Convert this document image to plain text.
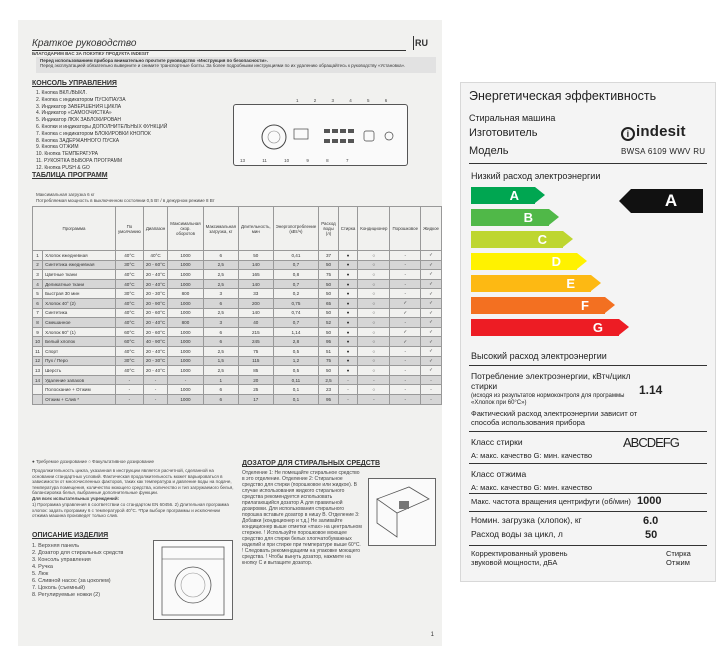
Краткое руководство	RU
БЛАГОДАРИМ ВАС ЗА ПОКУПКУ ПРОДУКТА INDESIT
Перед использованием прибора внимательно прочтите руководство «Инструкция по безопасности».
Перед эксплуатацией обязательно выверните и снимите транспортные болты. За более подробными инструкциями по их удалению обращайтесь к руководству «Установка».
КОНСОЛЬ УПРАВЛЕНИЯ
1. Кнопка ВКЛ./ВЫКЛ.
2. Кнопка с индикатором ПУСК/ПАУЗА
3. Индикатор ЗАВЕРШЕНИЯ ЦИКЛА
4. Индикатор «САМООЧИСТКА»
5. Индикатор ЛЮК ЗАБЛОКИРОВАН
6. Кнопки и индикаторы ДОПОЛНИТЕЛЬНЫХ ФУНКЦИЙ
7. Кнопка с индикатором БЛОКИРОВКИ КНОПОК
8. Кнопка ЗАДЕРЖАННОГО ПУСКА
9. Кнопка ОТЖИМ
10. Кнопка ТЕМПЕРАТУРА
11. РУКОЯТКА ВЫБОРА ПРОГРАММ
12. Кнопка PUSH & GO
1 2 3 4 5 6
13 11 10 9 8 7
ТАБЛИЦА ПРОГРАММ
Максимальная загрузка 6 кг
Потребляемая мощность в выключенном состоянии 0,5 Вт / в дежурном режиме 8 Вт
Программа		По умолчанию	Диапазон	Максимальная скор. оборотов	Максимальная загрузка, кг	Длительность, мин	Энергопотребление (кВт/ч)	Расход воды (л)	Стирка	Кондиционер	Порошковое	Жидкое
1	Хлопок ежедневная	40°С	40°С	1000	6	50	0,41	37	●	○	-	✓
2	Синтетика ежедневная	30°С	20 - 60°С	1000	2,5	140	0,7	50	●	○	-	✓
3	Цветные ткани	40°С	20 - 40°С	1000	2,5	165	0,8	75	●	○	-	✓
4	Деликатные ткани	40°С	20 - 40°С	1000	2,5	140	0,7	50	●	○	-	✓
5	Быстрая 30 мин	30°С	20 - 30°С	800	3	33	0,2	50	●	○	-	✓
6	Хлопок 40° (2)	40°С	20 - 90°С	1000	6	200	0,75	65	●	○	✓	✓
7	Синтетика	40°С	20 - 60°С	1000	2,5	140	0,74	50	●	○	✓	✓
8	Смешанное	40°С	20 - 40°С	800	3	40	0,7	52	●	○	-	✓
9	Хлопок 60° (1)	60°С	20 - 60°С	1000	6	215	1,14	50	●	○	✓	✓
10	Белый хлопок	60°С	40 - 90°С	1000	6	245	2,8	95	●	○	✓	✓
11	Спорт	40°С	20 - 40°С	1000	2,5	75	0,5	51	●	○	-	✓
12	Пух / Перо	30°С	20 - 30°С	1000	1,5	115	1,2	75	●	○	-	✓
13	Шерсть	40°С	20 - 40°С	1000	2,5	85	0,5	50	●	○	-	✓
14	Удаление запахов	-	-	-	1	20	0,11	2,5	-	-	-	-
	Полоскание + Отжим	-	-	1000	6	25	0,1	23	-	○	-	-
	Отжим + Слив *	-	-	1000	6	17	0,1	95	-	-	-	-
● Требуемое дозирование ○ Факультативное дозирование
Продолжительность цикла, указанная в инструкции является расчетной, сделанной на основании стандартных условий. Фактическая продолжительность может варьироваться в зависимости от многочисленных факторов, таких как температура и давление воды на подаче, температура помещения, количество моющего средства, количество и тип загружаемого белья, балансировка белья, выбранные дополнительные функции.
Для всех испытательных учреждений:
1) Программа управления в соответствии со стандартом EN 60456. 2) Длительная программа хлопок: задать программу 6 с температурой 40°С. *При выборе программы и исключении отжима машина произведет только слив.
ОПИСАНИЕ ИЗДЕЛИЯ
1. Верхняя панель
2. Дозатор для стиральных средств
3. Консоль управления
4. Ручка
5. Люк
6. Сливной насос (за цоколем)
7. Цоколь (съемный)
8. Регулируемые ножки (2)
ДОЗАТОР ДЛЯ СТИРАЛЬНЫХ СРЕДСТВ
Отделение 1: Не помещайте стиральное средство в это отделение. Отделение 2: Стиральное средство для стирки (порошковое или жидкое). В случае использования жидкого стирального средства рекомендуется использовать прилагающийся дозатор А для правильной дозировки. Для использования стирального порошка вставьте дозатор в нишу В. Отделение 3: Добавки (кондиционер и т.д.) Не заливайте кондиционер выше отметки «max» на центральном стержне. ! Используйте порошковое моющее средство для стирки белых хлопчатобумажных изделий и при стирке при температуре выше 60°С. ! Следовать рекомендациям на упаковке моющего средства. ! Чтобы вынуть дозатор, нажмите на кнопку С и вытащите дозатор.
1
Энергетическая эффективность
Стиральная машина
Изготовитель
Модель
i indesit
BWSA 6109 WWV RU
Низкий расход электроэнергии
A
B
C
D
E
F
G
A
Высокий расход электроэнергии
Потребление электроэнергии, кВтч/цикл стирки
(исходя из результатов нормоконтроля для программы «Хлопок при 60°С»)
1.14
Фактический расход электроэнергии зависит от способа использования прибора
Класс стирки
А: макс. качество G: мин. качество
ABCDEFG
Класс отжима
А: макс. качество G: мин. качество
Макс. частота вращения центрифуги (об/мин) 1000
Номин. загрузка (хлопок), кг	6.0
Расход воды за цикл, л	50
Корректированный уровень звуковой мощности, дБА
Стирка
Отжим
